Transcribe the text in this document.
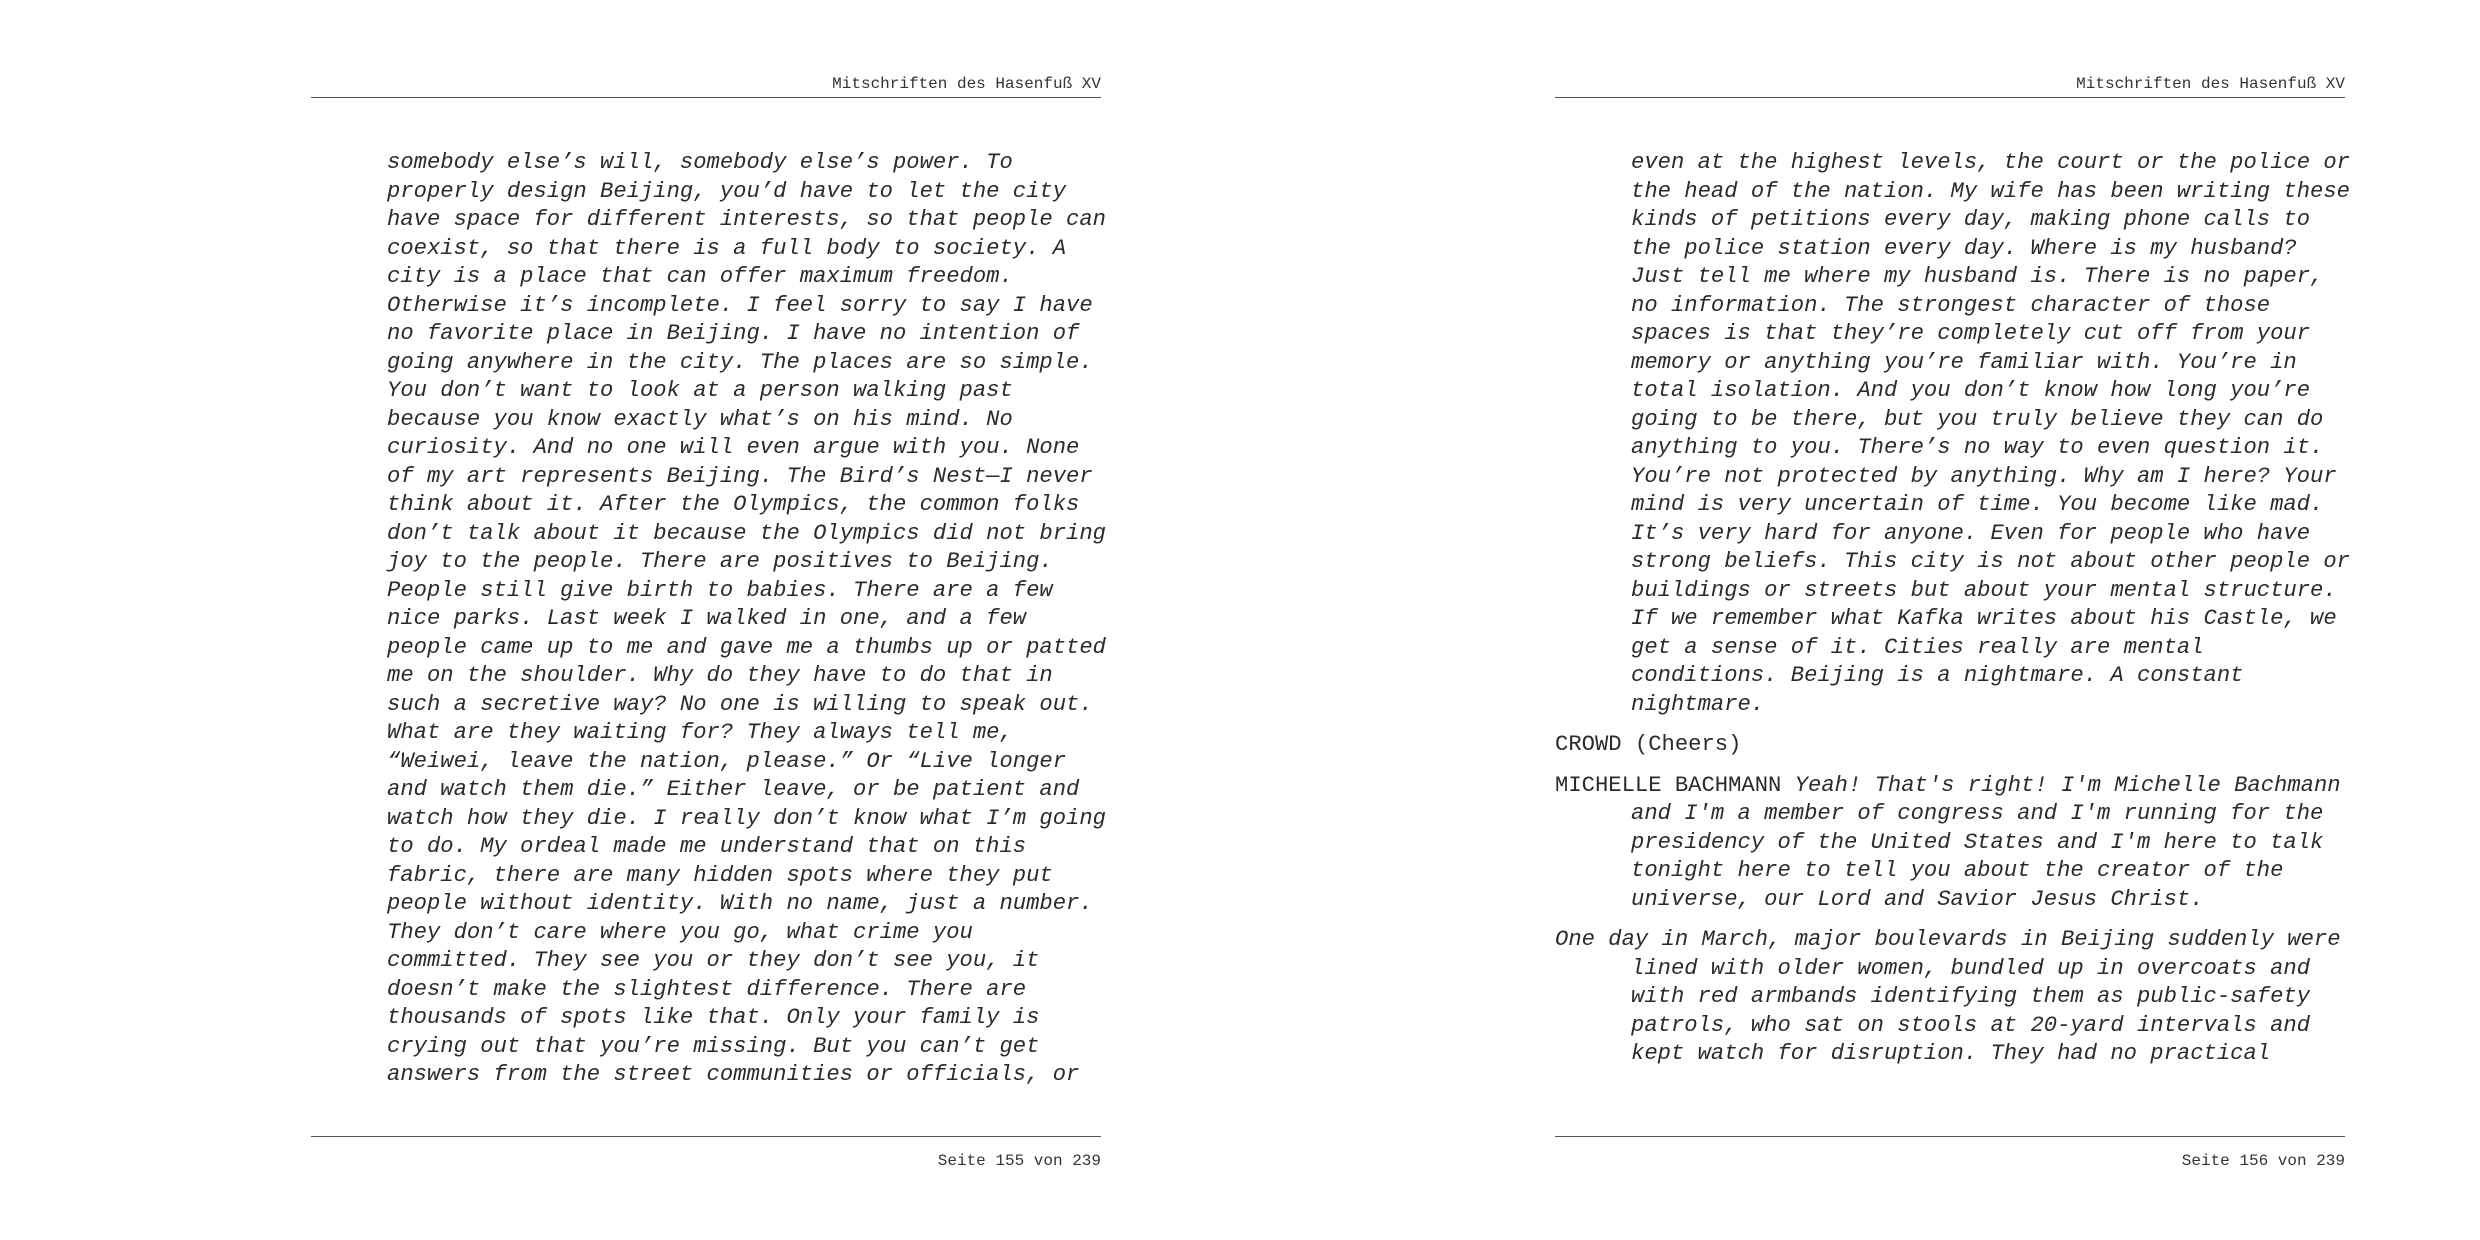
Mitschriften des Hasenfuß XV
somebody else’s will, somebody else’s power. To
properly design Beijing, you’d have to let the city
have space for different interests, so that people can
coexist, so that there is a full body to society. A
city is a place that can offer maximum freedom.
Otherwise it’s incomplete. I feel sorry to say I have
no favorite place in Beijing. I have no intention of
going anywhere in the city. The places are so simple.
You don’t want to look at a person walking past
because you know exactly what’s on his mind. No
curiosity. And no one will even argue with you. None
of my art represents Beijing. The Bird’s Nest—I never
think about it. After the Olympics, the common folks
don’t talk about it because the Olympics did not bring
joy to the people. There are positives to Beijing.
People still give birth to babies. There are a few
nice parks. Last week I walked in one, and a few
people came up to me and gave me a thumbs up or patted
me on the shoulder. Why do they have to do that in
such a secretive way? No one is willing to speak out.
What are they waiting for? They always tell me,
“Weiwei, leave the nation, please.” Or “Live longer
and watch them die.” Either leave, or be patient and
watch how they die. I really don’t know what I’m going
to do. My ordeal made me understand that on this
fabric, there are many hidden spots where they put
people without identity. With no name, just a number.
They don’t care where you go, what crime you
committed. They see you or they don’t see you, it
doesn’t make the slightest difference. There are
thousands of spots like that. Only your family is
crying out that you’re missing. But you can’t get
answers from the street communities or officials, or
Seite 155 von 239
Mitschriften des Hasenfuß XV
even at the highest levels, the court or the police or
the head of the nation. My wife has been writing these
kinds of petitions every day, making phone calls to
the police station every day. Where is my husband?
Just tell me where my husband is. There is no paper,
no information. The strongest character of those
spaces is that they’re completely cut off from your
memory or anything you’re familiar with. You’re in
total isolation. And you don’t know how long you’re
going to be there, but you truly believe they can do
anything to you. There’s no way to even question it.
You’re not protected by anything. Why am I here? Your
mind is very uncertain of time. You become like mad.
It’s very hard for anyone. Even for people who have
strong beliefs. This city is not about other people or
buildings or streets but about your mental structure.
If we remember what Kafka writes about his Castle, we
get a sense of it. Cities really are mental
conditions. Beijing is a nightmare. A constant
nightmare.
CROWD (Cheers)
MICHELLE BACHMANN Yeah! That's right! I'm Michelle Bachmann
and I'm a member of congress and I'm running for the
presidency of the United States and I'm here to talk
tonight here to tell you about the creator of the
universe, our Lord and Savior Jesus Christ.
One day in March, major boulevards in Beijing suddenly were
lined with older women, bundled up in overcoats and
with red armbands identifying them as public-safety
patrols, who sat on stools at 20-yard intervals and
kept watch for disruption. They had no practical
Seite 156 von 239
